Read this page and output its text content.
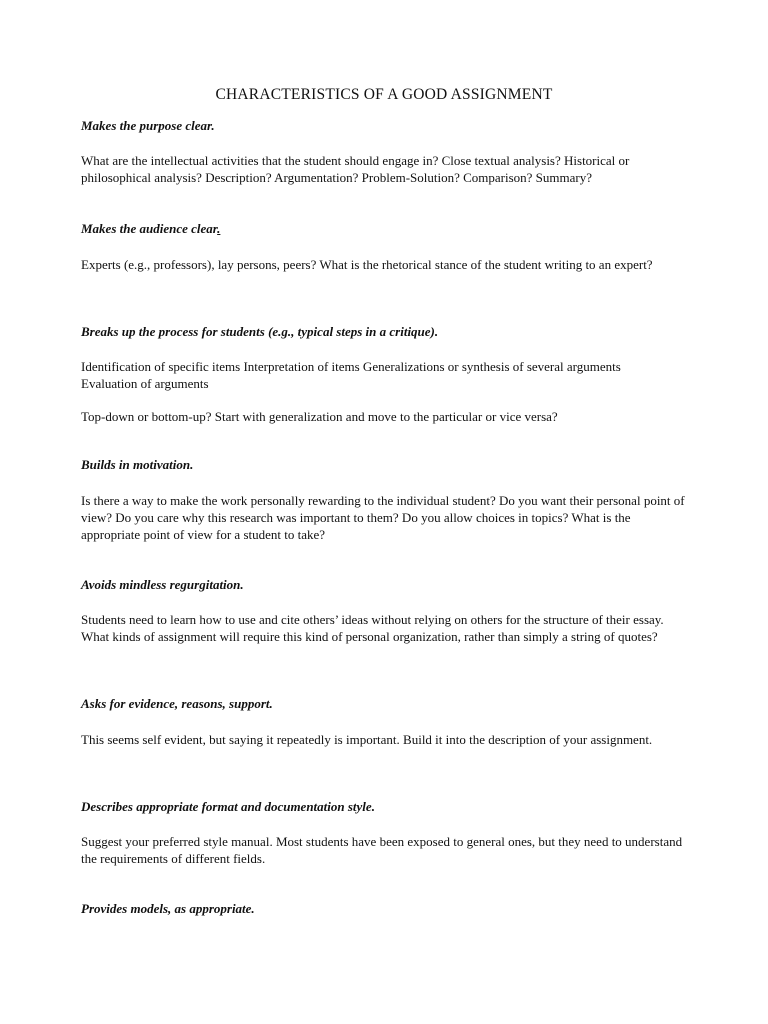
CHARACTERISTICS OF A GOOD ASSIGNMENT
Makes the purpose clear.
What are the intellectual activities that the student should engage in? Close textual analysis? Historical or philosophical analysis? Description? Argumentation? Problem-Solution? Comparison? Summary?
Makes the audience clear.
Experts (e.g., professors), lay persons, peers? What is the rhetorical stance of the student writing to an expert?
Breaks up the process for students (e.g., typical steps in a critique).
Identification of specific items Interpretation of items Generalizations or synthesis of several arguments Evaluation of arguments
Top-down or bottom-up? Start with generalization and move to the particular or vice versa?
Builds in motivation.
Is there a way to make the work personally rewarding to the individual student? Do you want their personal point of view? Do you care why this research was important to them? Do you allow choices in topics? What is the appropriate point of view for a student to take?
Avoids mindless regurgitation.
Students need to learn how to use and cite others’ ideas without relying on others for the structure of their essay. What kinds of assignment will require this kind of personal organization, rather than simply a string of quotes?
Asks for evidence, reasons, support.
This seems self evident, but saying it repeatedly is important. Build it into the description of your assignment.
Describes appropriate format and documentation style.
Suggest your preferred style manual. Most students have been exposed to general ones, but they need to understand the requirements of different fields.
Provides models, as appropriate.
